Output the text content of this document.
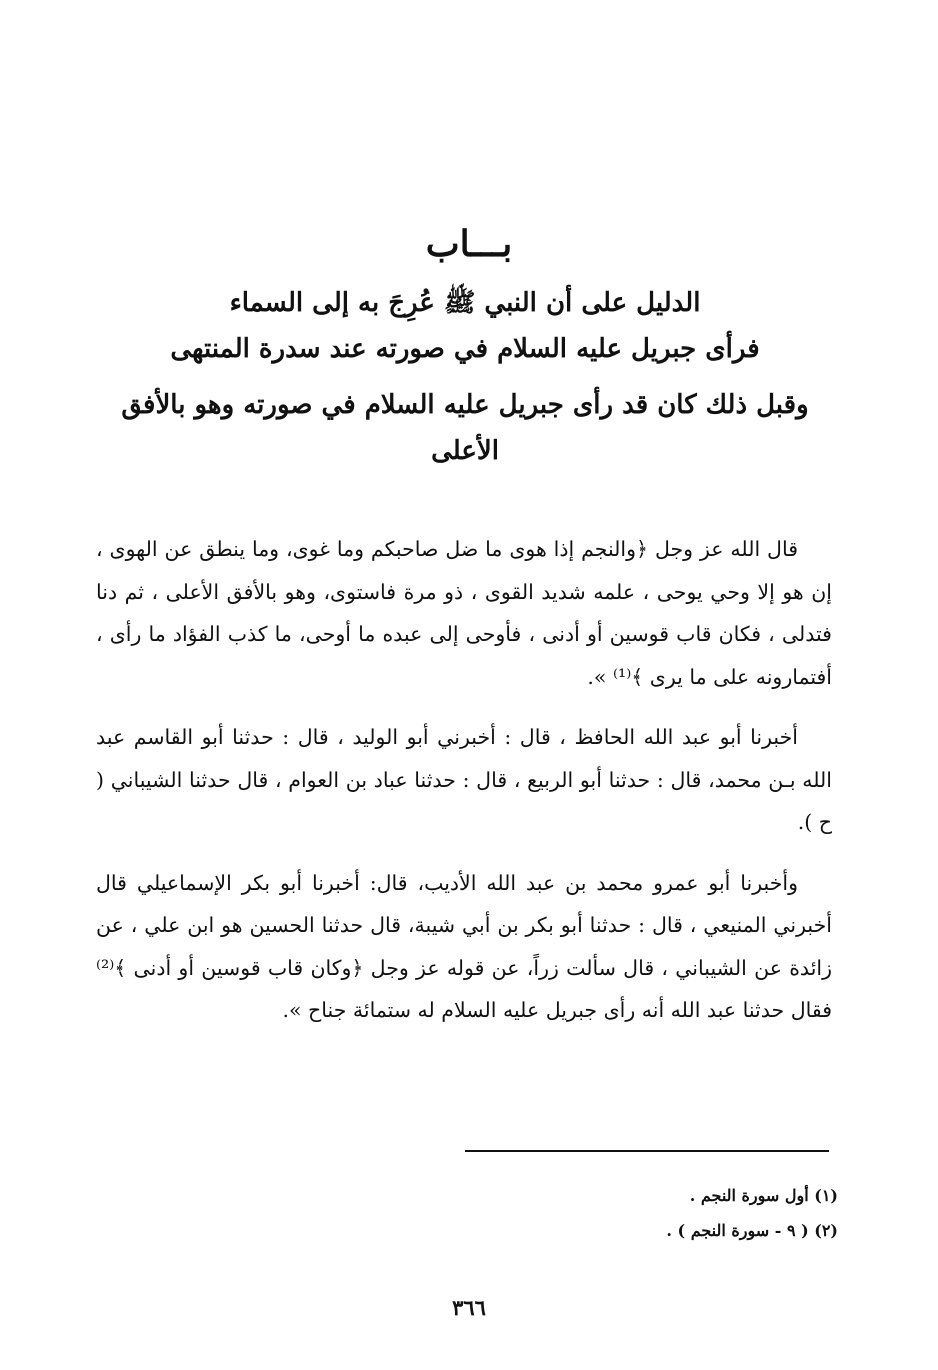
بـــاب
الدليل على أن النبي ﷺ عُرِجَ به إلى السماء
فرأى جبريل عليه السلام في صورته عند سدرة المنتهى
وقبل ذلك كان قد رأى جبريل عليه السلام في صورته وهو بالأفق الأعلى

قال الله عز وجل ﴿والنجم إذا هوى ما ضل صاحبكم وما غوى، وما ينطق عن الهوى ، إن هو إلا وحي يوحى ، علمه شديد القوى ، ذو مرة فاستوى، وهو بالأفق الأعلى ، ثم دنا فتدلى ، فكان قاب قوسين أو أدنى ، فأوحى إلى عبده ما أوحى، ما كذب الفؤاد ما رأى ، أفتمارونه على ما يرى ﴾⁽¹⁾ ».

أخبرنا أبو عبد الله الحافظ ، قال : أخبرني أبو الوليد ، قال : حدثنا أبو القاسم عبد الله بـن محمد، قال : حدثنا أبو الربيع ، قال : حدثنا عباد بن العوام ، قال حدثنا الشيباني ( ح ).

وأخبرنا أبو عمرو محمد بن عبد الله الأديب، قال: أخبرنا أبو بكر الإسماعيلي قال أخبرني المنيعي ، قال : حدثنا أبو بكر بن أبي شيبة، قال حدثنا الحسين هو ابن علي ، عن زائدة عن الشيباني ، قال سألت زراً، عن قوله عز وجل ﴿وكان قاب قوسين أو أدنى ﴾⁽²⁾ فقال حدثنا عبد الله أنه رأى جبريل عليه السلام له ستمائة جناح ».

(١) أول سورة النجم .
(٢) ( ٩ - سورة النجم ) .
٣٦٦
